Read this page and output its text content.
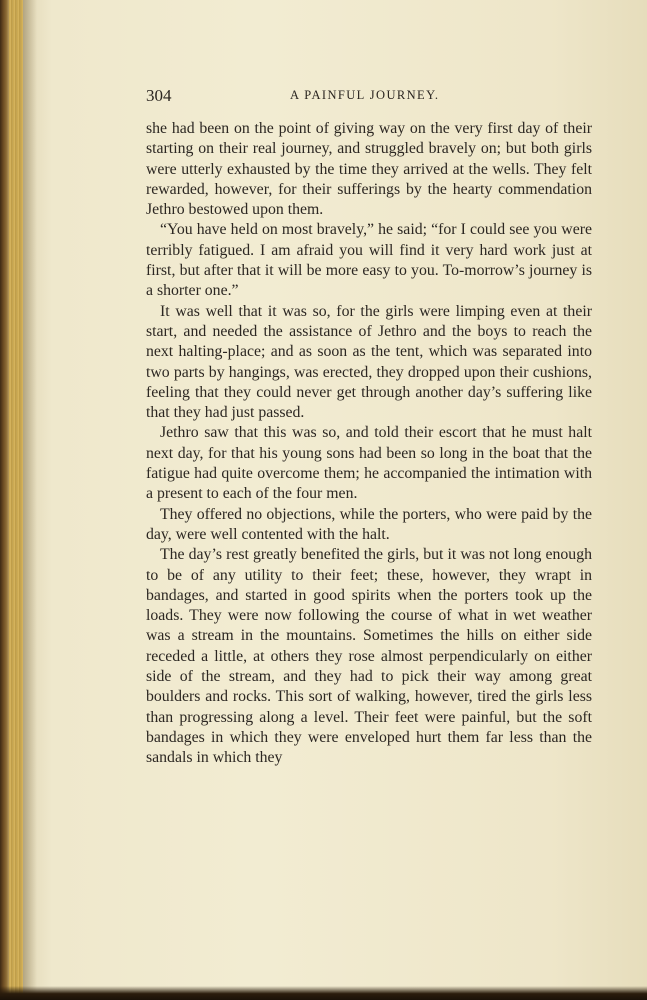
304	A PAINFUL JOURNEY.

she had been on the point of giving way on the very first day of their starting on their real journey, and struggled bravely on; but both girls were utterly exhausted by the time they arrived at the wells. They felt rewarded, however, for their sufferings by the hearty commendation Jethro bestowed upon them.

“You have held on most bravely,” he said; “for I could see you were terribly fatigued. I am afraid you will find it very hard work just at first, but after that it will be more easy to you. To-morrow’s journey is a shorter one.”

It was well that it was so, for the girls were limping even at their start, and needed the assistance of Jethro and the boys to reach the next halting-place; and as soon as the tent, which was separated into two parts by hangings, was erected, they dropped upon their cushions, feeling that they could never get through another day’s suffering like that they had just passed.

Jethro saw that this was so, and told their escort that he must halt next day, for that his young sons had been so long in the boat that the fatigue had quite overcome them; he accompanied the intimation with a present to each of the four men.

They offered no objections, while the porters, who were paid by the day, were well contented with the halt.

The day’s rest greatly benefited the girls, but it was not long enough to be of any utility to their feet; these, however, they wrapt in bandages, and started in good spirits when the porters took up the loads. They were now following the course of what in wet weather was a stream in the mountains. Sometimes the hills on either side receded a little, at others they rose almost perpendicularly on either side of the stream, and they had to pick their way among great boulders and rocks. This sort of walking, however, tired the girls less than progressing along a level. Their feet were painful, but the soft bandages in which they were enveloped hurt them far less than the sandals in which they
